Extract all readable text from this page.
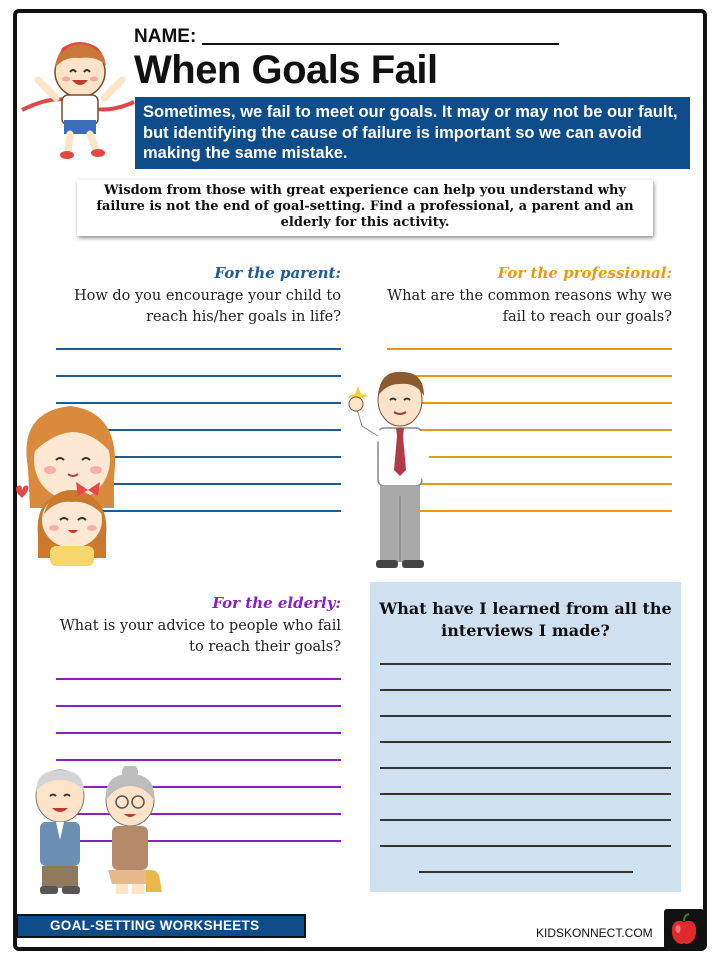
NAME:
When Goals Fail
Sometimes, we fail to meet our goals. It may or may not be our fault, but identifying the cause of failure is important so we can avoid making the same mistake.
Wisdom from those with great experience can help you understand why failure is not the end of goal-setting. Find a professional, a parent and an elderly for this activity.
For the parent:
How do you encourage your child to
reach his/her goals in life?
For the professional:
What are the common reasons why we
fail to reach our goals?
For the elderly:
What is your advice to people who fail
to reach their goals?
What have I learned from all the
interviews I made?
GOAL-SETTING WORKSHEETS	KIDSKONNECT.COM
